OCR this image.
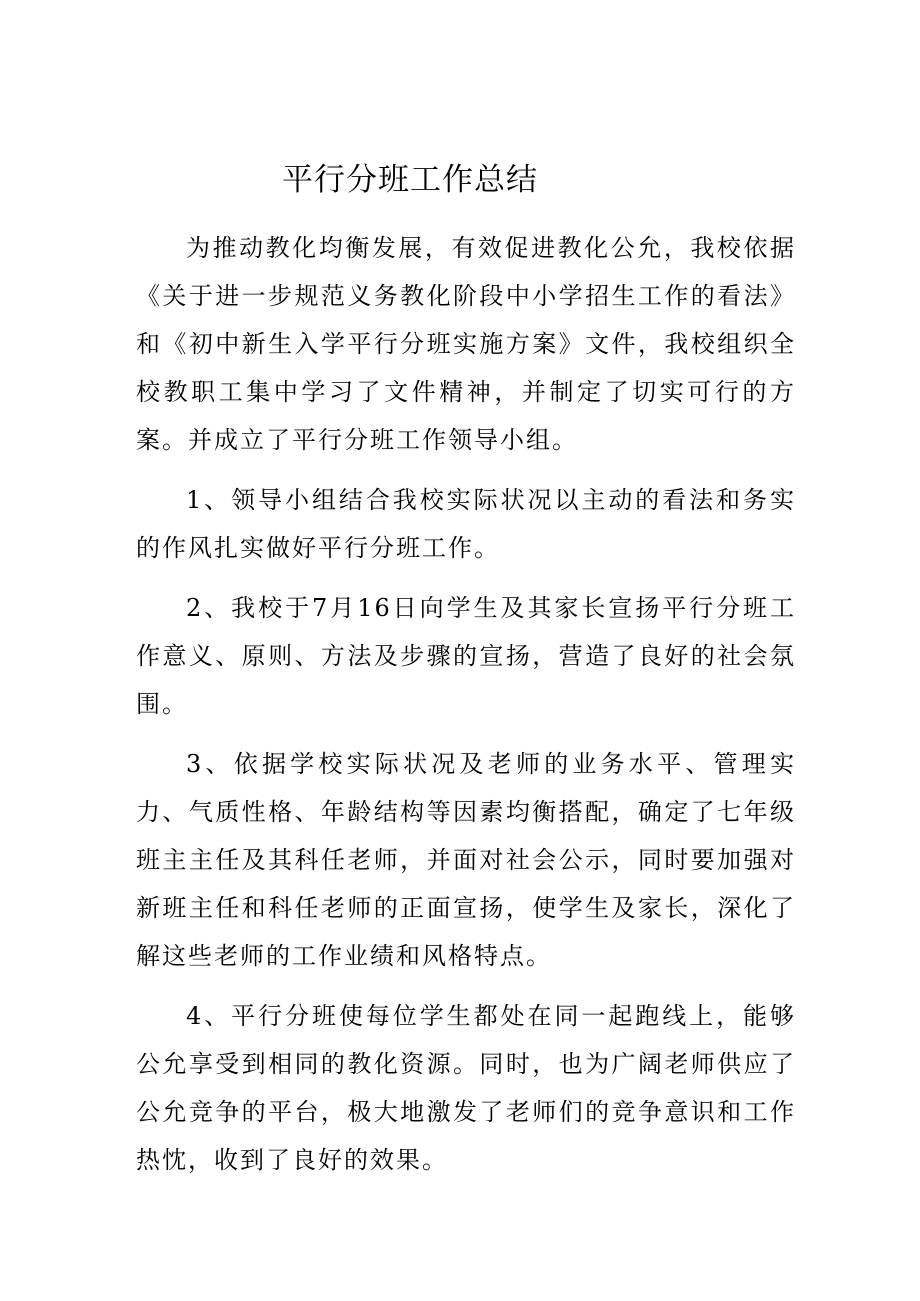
平行分班工作总结

为推动教化均衡发展，有效促进教化公允，我校依据《关于进一步规范义务教化阶段中小学招生工作的看法》和《初中新生入学平行分班实施方案》文件，我校组织全校教职工集中学习了文件精神，并制定了切实可行的方案。并成立了平行分班工作领导小组。

1、领导小组结合我校实际状况以主动的看法和务实的作风扎实做好平行分班工作。

2、我校于7月16日向学生及其家长宣扬平行分班工作意义、原则、方法及步骤的宣扬，营造了良好的社会氛围。

3、依据学校实际状况及老师的业务水平、管理实力、气质性格、年龄结构等因素均衡搭配，确定了七年级班主主任及其科任老师，并面对社会公示，同时要加强对新班主任和科任老师的正面宣扬，使学生及家长，深化了解这些老师的工作业绩和风格特点。

4、平行分班使每位学生都处在同一起跑线上，能够公允享受到相同的教化资源。同时，也为广阔老师供应了公允竞争的平台，极大地激发了老师们的竞争意识和工作热忱，收到了良好的效果。
